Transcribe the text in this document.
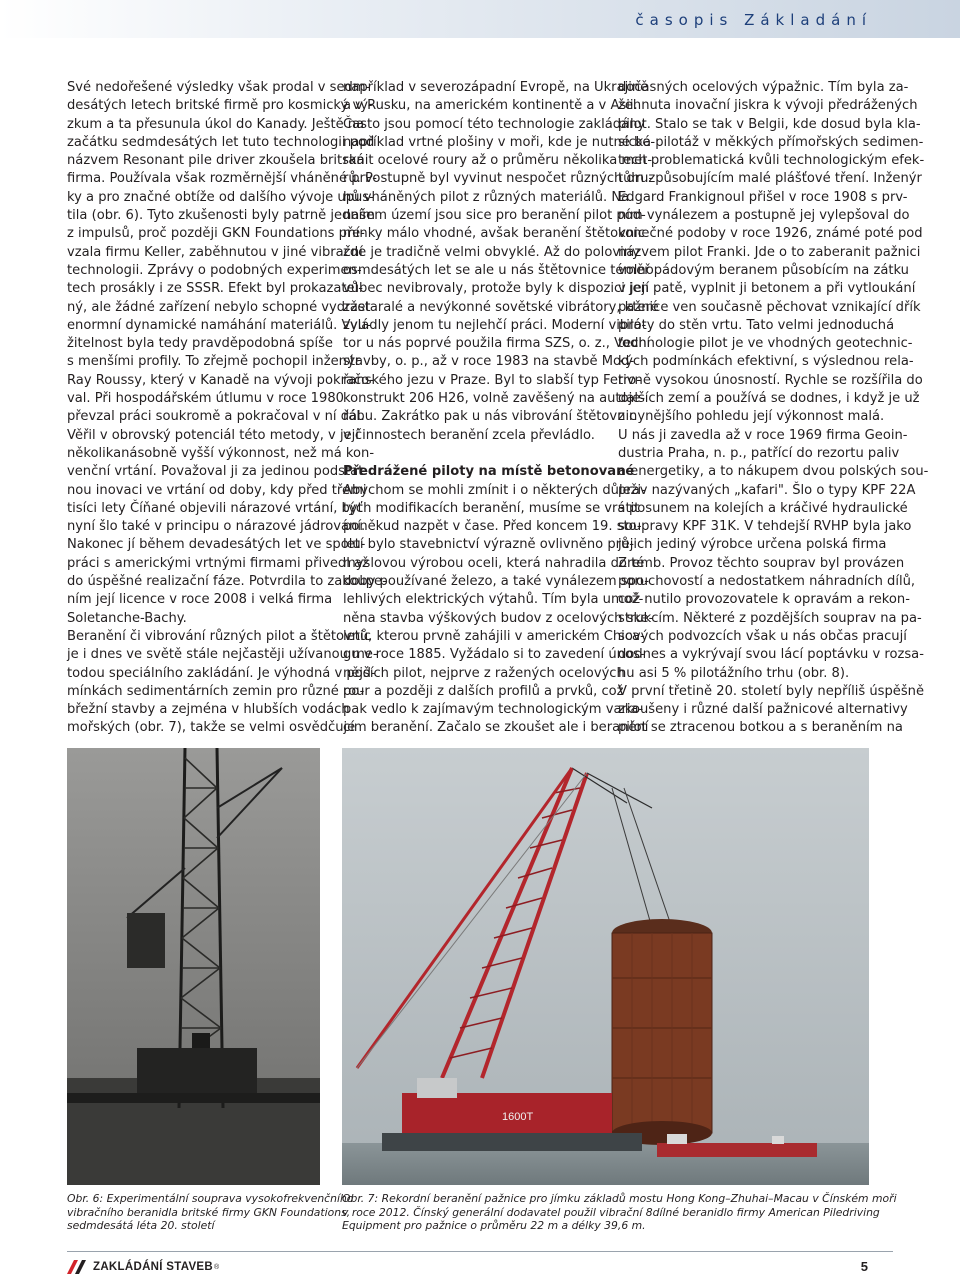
časopis Základání
Své nedořešené výsledky však prodal v sedm-
desátých letech britské firmě pro kosmický vý-
zkum a ta přesunula úkol do Kanady. Ještě na
začátku sedmdesátých let tuto technologii pod
názvem Resonant pile driver zkoušela britská
firma. Používala však rozměrnější vháněné prv-
ky a pro značné obtíže od dalšího vývoje upus-
tila (obr. 6). Tyto zkušenosti byly patrně jedním
z impulsů, proč později GKN Foundations pře-
vzala firmu Keller, zaběhnutou v jiné vibrační
technologii. Zprávy o podobných experimen-
tech prosákly i ze SSSR. Efekt byl prokazatel-
ný, ale žádné zařízení nebylo schopné vydržet
enormní dynamické namáhání materiálů. Vyu-
žitelnost byla tedy pravděpodobná spíše
s menšími profily. To zřejmě pochopil inženýr
Ray Roussy, který v Kanadě na vývoji pokračo-
val. Při hospodářském útlumu v roce 1980
převzal práci soukromě a pokračoval v ní dál.
Věřil v obrovský potenciál této metody, v její
několikanásobně vyšší výkonnost, než má kon-
venční vrtání. Považoval ji za jedinou podstat-
nou inovaci ve vrtání od doby, kdy před třemi
tisíci lety Číňané objevili nárazové vrtání, byť
nyní šlo také v principu o nárazové jádrování.
Nakonec jí během devadesátých let ve spolu-
práci s americkými vrtnými firmami přivedl až
do úspěšné realizační fáze. Potvrdila to zakoupe-
ním její licence v roce 2008 i velká firma
Soletanche-Bachy.
Beranění či vibrování různých pilot a štětovnic
je i dnes ve světě stále nejčastěji užívanou me-
todou speciálního zakládání. Je výhodná v pod-
mínkách sedimentárních zemin pro různé po-
břežní stavby a zejména v hlubších vodách
mořských (obr. 7), takže se velmi osvědčuje
například v severozápadní Evropě, na Ukrajině
a v Rusku, na americkém kontinentě a v Asii.
Často jsou pomocí této technologie zakládány
například vrtné plošiny v moři, kde je nutné be-
ranit ocelové roury až o průměru několika met-
rů. Postupně byl vyvinut nespočet různých dru-
hů vháněných pilot z různých materiálů. Na
našem území jsou sice pro beranění pilot pod-
mínky málo vhodné, avšak beranění štětovnic
zde je tradičně velmi obvyklé. Až do poloviny
osmdesátých let se ale u nás štětovnice téměř
vůbec nevibrovaly, protože byly k dispozici jen
zastaralé a nevýkonné sovětské vibrátory, které
zvládly jenom tu nejlehčí práci. Moderní vibrá-
tor u nás poprvé použila firma SZS, o. z., Vodní
stavby, o. p., až v roce 1983 na stavbě Mod-
řanského jezu v Praze. Byl to slabší typ Ferro-
konstrukt 206 H26, volně zavěšený na autoje-
řábu. Zakrátko pak u nás vibrování štětovnic
v činnostech beranění zcela převládlo.
Předrážené piloty na místě betonované
Abychom se mohli zmínit i o některých důleži-
tých modifikacích beranění, musíme se vrátit
poněkud nazpět v čase. Před koncem 19. sto-
letí bylo stavebnictví výrazně ovlivněno prů-
myslovou výrobou oceli, která nahradila do té
doby používané železo, a také vynálezem spo-
lehlivých elektrických výtahů. Tím byla umož-
něna stavba výškových budov z ocelových ske-
letů, kterou prvně zahájili v americkém Chica-
gu v roce 1885. Vyžádalo si to zavedení únos-
nějších pilot, nejprve z ražených ocelových
rour a později z dalších profilů a prvků, což
pak vedlo k zajímavým technologickým varia-
cím beranění. Začalo se zkoušet ale i beranění
dočasných ocelových výpažnic. Tím byla za-
žehnuta inovační jiskra k vývoji předrážených
pilot. Stalo se tak v Belgii, kde dosud byla kla-
sická pilotáž v měkkých přímořských sedimen-
tech problematická kvůli technologickým efek-
tům způsobujícím malé plášťové tření. Inženýr
Edgard Frankignoul přišel v roce 1908 s prv-
ním vynálezem a postupně jej vylepšoval do
konečné podoby v roce 1926, známé poté pod
názvem pilot Franki. Jde o to zaberanit pažnici
volnopádovým beranem působícím na zátku
v její patě, vyplnit ji betonem a při vytloukání
pažnice ven současně pěchovat vznikající dřík
piloty do stěn vrtu. Tato velmi jednoduchá
technologie pilot je ve vhodných geotechnic-
kých podmínkách efektivní, s výslednou rela-
tivně vysokou únosností. Rychle se rozšířila do
dalších zemí a používá se dodnes, i když je už
z nynějšího pohledu její výkonnost malá.
U nás ji zavedla až v roce 1969 firma Geoin-
dustria Praha, n. p., patřící do rezortu paliv
a energetiky, a to nákupem dvou polských sou-
prav nazývaných „kafari". Šlo o typy KPF 22A
s posunem na kolejích a kráčivé hydraulické
soupravy KPF 31K. V tehdejší RVHP byla jako
jejich jediný výrobce určena polská firma
Zremb. Provoz těchto souprav byl provázen
poruchovostí a nedostatkem náhradních dílů,
což nutilo provozovatele k opravám a rekon-
strukcím. Některé z pozdějších souprav na pa-
sových podvozcích však u nás občas pracují
dodnes a vykrývají svou lácí poptávku v rozsa-
hu asi 5 % pilotážního trhu (obr. 8).
V první třetině 20. století byly nepříliš úspěšně
zkoušeny i různé další pažnicové alternativy
pilot se ztracenou botkou a s beraněním na
1600T
Obr. 6: Experimentální souprava vysokofrekvenčního
vibračního beranidla britské firmy GKN Foundations,
sedmdesátá léta 20. století
Obr. 7: Rekordní beranění pažnice pro jímku základů mostu Hong Kong–Zhuhai–Macau v Čínském moři
v roce 2012. Čínský generální dodavatel použil vibrační 8dílné beranidlo firmy American Piledriving
Equipment pro pažnice o průměru 22 m a délky 39,6 m.
ZAKLÁDÁNÍ STAVEB ®	5
